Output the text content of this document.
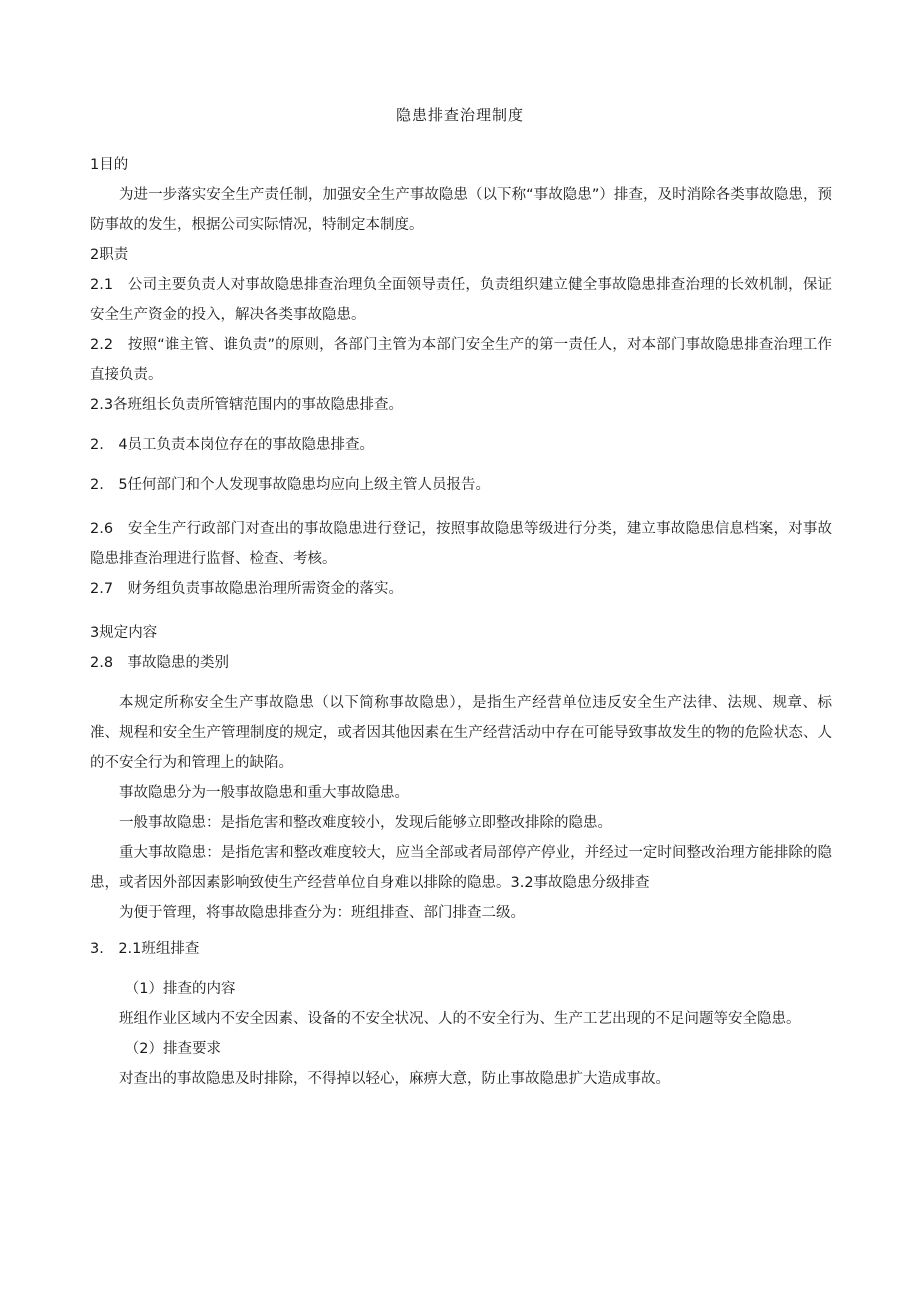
隐患排查治理制度

1目的

为进一步落实安全生产责任制，加强安全生产事故隐患（以下称“事故隐患”）排查，及时消除各类事故隐患，预防事故的发生，根据公司实际情况，特制定本制度。

2职责

2.1　公司主要负责人对事故隐患排查治理负全面领导责任，负责组织建立健全事故隐患排查治理的长效机制，保证安全生产资金的投入，解决各类事故隐患。

2.2　按照“谁主管、谁负责”的原则，各部门主管为本部门安全生产的第一责任人，对本部门事故隐患排查治理工作直接负责。

2.3各班组长负责所管辖范围内的事故隐患排查。

2.　4员工负责本岗位存在的事故隐患排查。

2.　5任何部门和个人发现事故隐患均应向上级主管人员报告。

2.6　安全生产行政部门对查出的事故隐患进行登记，按照事故隐患等级进行分类，建立事故隐患信息档案，对事故隐患排查治理进行监督、检查、考核。

2.7　财务组负责事故隐患治理所需资金的落实。

3规定内容

2.8　事故隐患的类别

本规定所称安全生产事故隐患（以下简称事故隐患），是指生产经营单位违反安全生产法律、法规、规章、标准、规程和安全生产管理制度的规定，或者因其他因素在生产经营活动中存在可能导致事故发生的物的危险状态、人的不安全行为和管理上的缺陷。

事故隐患分为一般事故隐患和重大事故隐患。

一般事故隐患：是指危害和整改难度较小，发现后能够立即整改排除的隐患。

重大事故隐患：是指危害和整改难度较大，应当全部或者局部停产停业，并经过一定时间整改治理方能排除的隐患，或者因外部因素影响致使生产经营单位自身难以排除的隐患。3.2事故隐患分级排查

为便于管理，将事故隐患排查分为：班组排查、部门排查二级。

3.　2.1班组排查

（1）排查的内容

班组作业区域内不安全因素、设备的不安全状况、人的不安全行为、生产工艺出现的不足问题等安全隐患。

（2）排查要求

对查出的事故隐患及时排除，不得掉以轻心，麻痹大意，防止事故隐患扩大造成事故。
